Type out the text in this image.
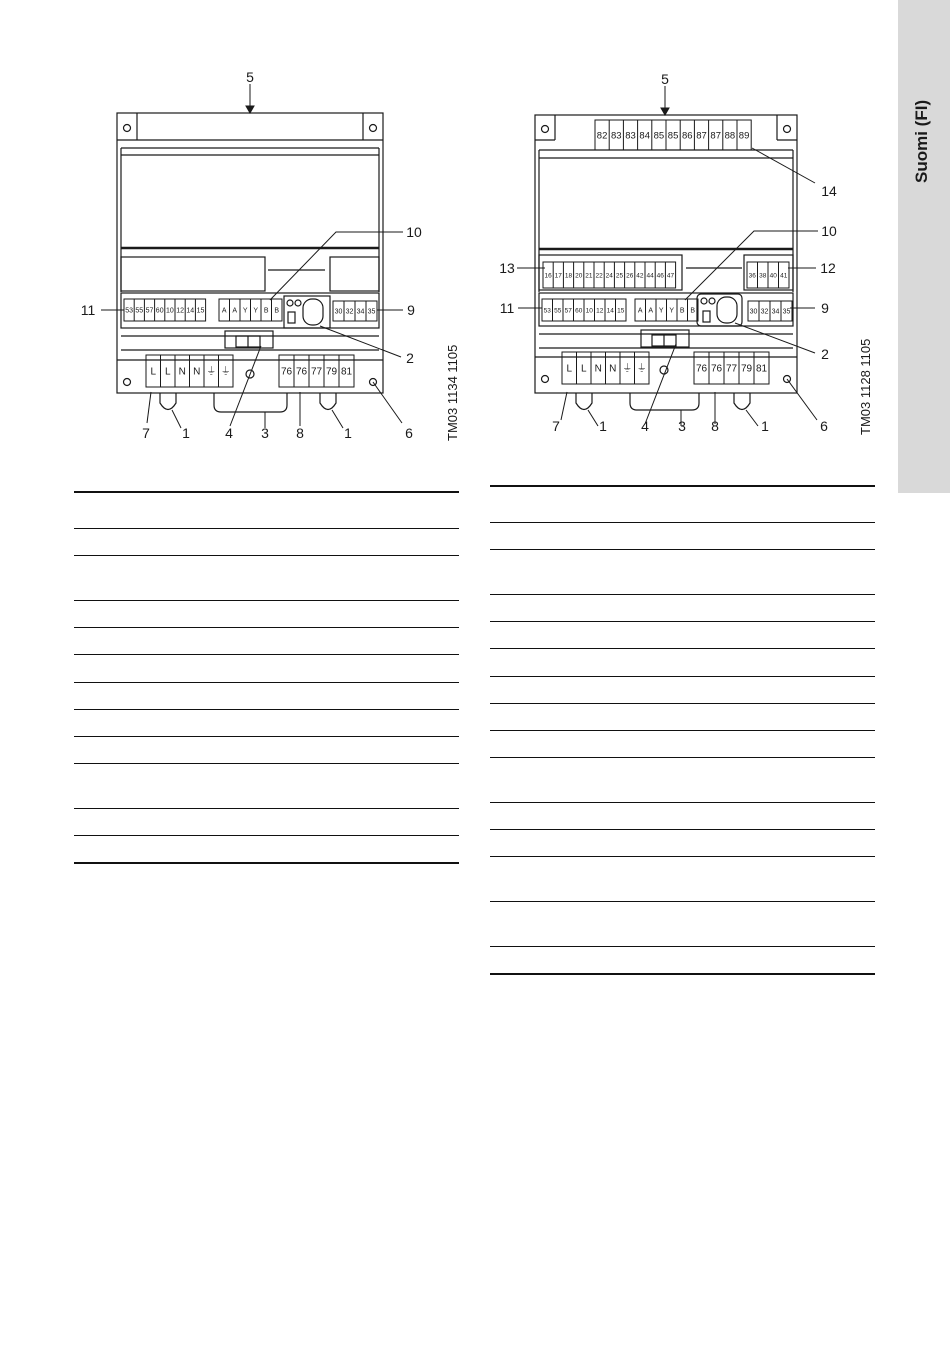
Suomi (FI)
53 55 57 60 10 12 14 15	A A Y Y B B	30 32 34 35
L L N N ⏚ ⏚	76 76 77 79 81
5
10
11	9
2
7 1	4 3 8	1	6 TM03 1134 1105
82 83 83 84 85 85 86 87 87 88 89
16 17 18 20 21 22 24 25 26 42 44 46 47	36 38 40 41
53 55 57 60 10 12 14 15 A A Y Y B B	30 32 34 35
L L N N ⏚ ⏚	76 76 77 79 81
5
14
10
13	12
11	9
2
7	1 4 3 8	1	6 TM03 1128 1105
